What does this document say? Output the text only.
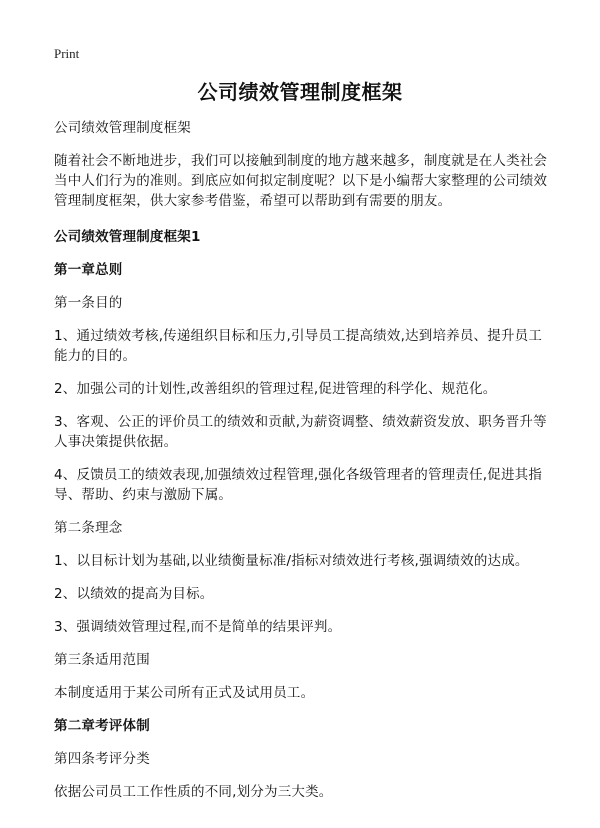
Print
公司绩效管理制度框架

公司绩效管理制度框架

随着社会不断地进步，我们可以接触到制度的地方越来越多，制度就是在人类社会当中人们行为的准则。到底应如何拟定制度呢？以下是小编帮大家整理的公司绩效管理制度框架，供大家参考借鉴，希望可以帮助到有需要的朋友。

公司绩效管理制度框架1

第一章总则

第一条目的

1、通过绩效考核,传递组织目标和压力,引导员工提高绩效,达到培养员、提升员工能力的目的。

2、加强公司的计划性,改善组织的管理过程,促进管理的科学化、规范化。

3、客观、公正的评价员工的绩效和贡献,为薪资调整、绩效薪资发放、职务晋升等人事决策提供依据。

4、反馈员工的绩效表现,加强绩效过程管理,强化各级管理者的管理责任,促进其指导、帮助、约束与激励下属。

第二条理念

1、以目标计划为基础,以业绩衡量标准/指标对绩效进行考核,强调绩效的达成。

2、以绩效的提高为目标。

3、强调绩效管理过程,而不是简单的结果评判。

第三条适用范围

本制度适用于某公司所有正式及试用员工。

第二章考评体制

第四条考评分类

依据公司员工工作性质的不同,划分为三大类。
